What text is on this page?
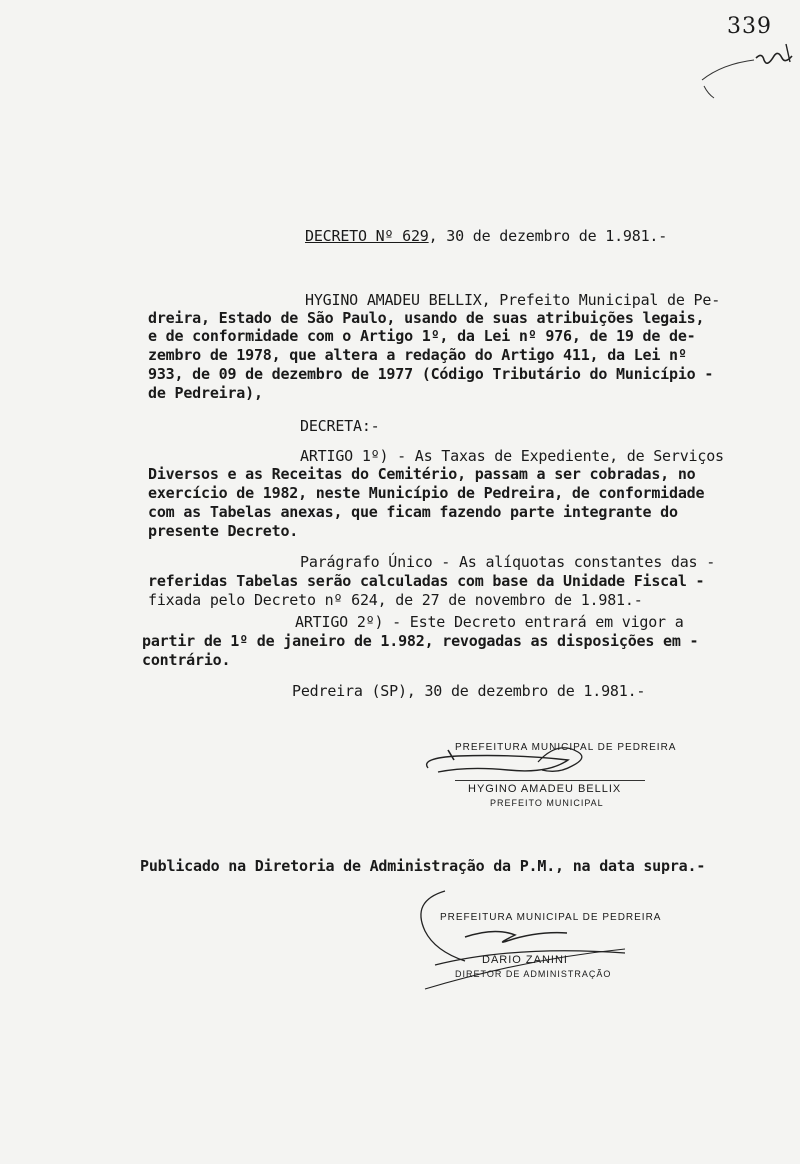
339
DECRETO Nº 629, 30 de dezembro de 1.981.-
HYGINO AMADEU BELLIX, Prefeito Municipal de Pe-
dreira, Estado de São Paulo, usando de suas atribuições legais,
e de conformidade com o Artigo 1º, da Lei nº 976, de 19 de de-
zembro de 1978, que altera a redação do Artigo 411, da Lei nº
933, de 09 de dezembro de 1977 (Código Tributário do Município -
de Pedreira),
DECRETA:-
ARTIGO 1º) - As Taxas de Expediente, de Serviços
Diversos e as Receitas do Cemitério, passam a ser cobradas, no
exercício de 1982, neste Município de Pedreira, de conformidade
com as Tabelas anexas, que ficam fazendo parte integrante do
presente Decreto.
Parágrafo Único - As alíquotas constantes das -
referidas Tabelas serão calculadas com base da Unidade Fiscal -
fixada pelo Decreto nº 624, de 27 de novembro de 1.981.-
ARTIGO 2º) - Este Decreto entrará em vigor a
partir de 1º de janeiro de 1.982, revogadas as disposições em -
contrário.
Pedreira (SP), 30 de dezembro de 1.981.-
PREFEITURA MUNICIPAL DE PEDREIRA
HYGINO AMADEU BELLIX
PREFEITO MUNICIPAL
Publicado na Diretoria de Administração da P.M., na data supra.-
PREFEITURA MUNICIPAL DE PEDREIRA
DARIO ZANINI
DIRETOR DE ADMINISTRAÇÃO
